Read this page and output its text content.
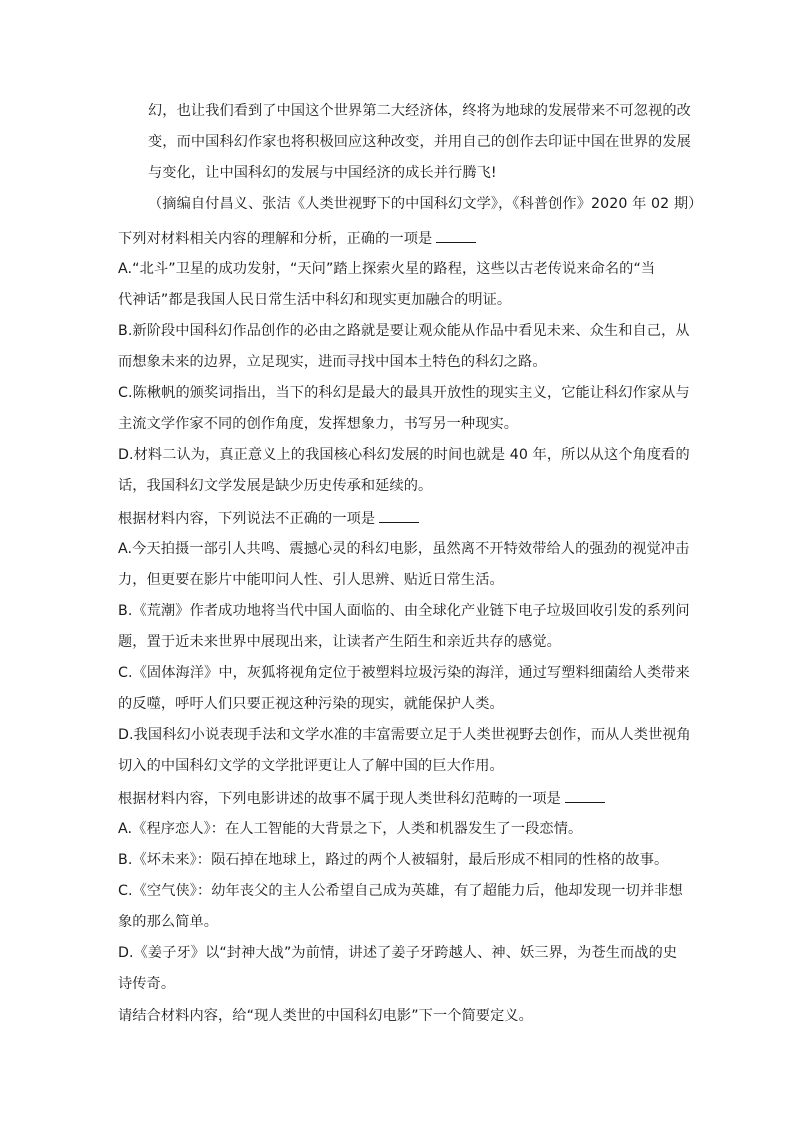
幻，也让我们看到了中国这个世界第二大经济体，终将为地球的发展带来不可忽视的改
变，而中国科幻作家也将积极回应这种改变，并用自己的创作去印证中国在世界的发展
与变化，让中国科幻的发展与中国经济的成长并行腾飞!
（摘编自付昌义、张洁《人类世视野下的中国科幻文学》，《科普创作》2020 年 02 期）
下列对材料相关内容的理解和分析，正确的一项是
A.“北斗”卫星的成功发射，“天问”踏上探索火星的路程，这些以古老传说来命名的“当
代神话”都是我国人民日常生活中科幻和现实更加融合的明证。
B.新阶段中国科幻作品创作的必由之路就是要让观众能从作品中看见未来、众生和自己，从
而想象未来的边界，立足现实，进而寻找中国本土特色的科幻之路。
C.陈楸帆的颁奖词指出，当下的科幻是最大的最具开放性的现实主义，它能让科幻作家从与
主流文学作家不同的创作角度，发挥想象力，书写另一种现实。
D.材料二认为，真正意义上的我国核心科幻发展的时间也就是 40 年，所以从这个角度看的
话，我国科幻文学发展是缺少历史传承和延续的。
根据材料内容，下列说法不正确的一项是
A.今天拍摄一部引人共鸣、震撼心灵的科幻电影，虽然离不开特效带给人的强劲的视觉冲击
力，但更要在影片中能叩问人性、引人思辨、贴近日常生活。
B.《荒潮》作者成功地将当代中国人面临的、由全球化产业链下电子垃圾回收引发的系列问
题，置于近未来世界中展现出来，让读者产生陌生和亲近共存的感觉。
C.《固体海洋》中，灰狐将视角定位于被塑料垃圾污染的海洋，通过写塑料细菌给人类带来
的反噬，呼吁人们只要正视这种污染的现实，就能保护人类。
D.我国科幻小说表现手法和文学水准的丰富需要立足于人类世视野去创作，而从人类世视角
切入的中国科幻文学的文学批评更让人了解中国的巨大作用。
根据材料内容，下列电影讲述的故事不属于现人类世科幻范畴的一项是
A.《程序恋人》：在人工智能的大背景之下，人类和机器发生了一段恋情。
B.《坏未来》：陨石掉在地球上，路过的两个人被辐射，最后形成不相同的性格的故事。
C.《空气侠》：幼年丧父的主人公希望自己成为英雄，有了超能力后，他却发现一切并非想
象的那么简单。
D.《姜子牙》以“封神大战”为前情，讲述了姜子牙跨越人、神、妖三界，为苍生而战的史
诗传奇。
请结合材料内容，给“现人类世的中国科幻电影”下一个简要定义。
